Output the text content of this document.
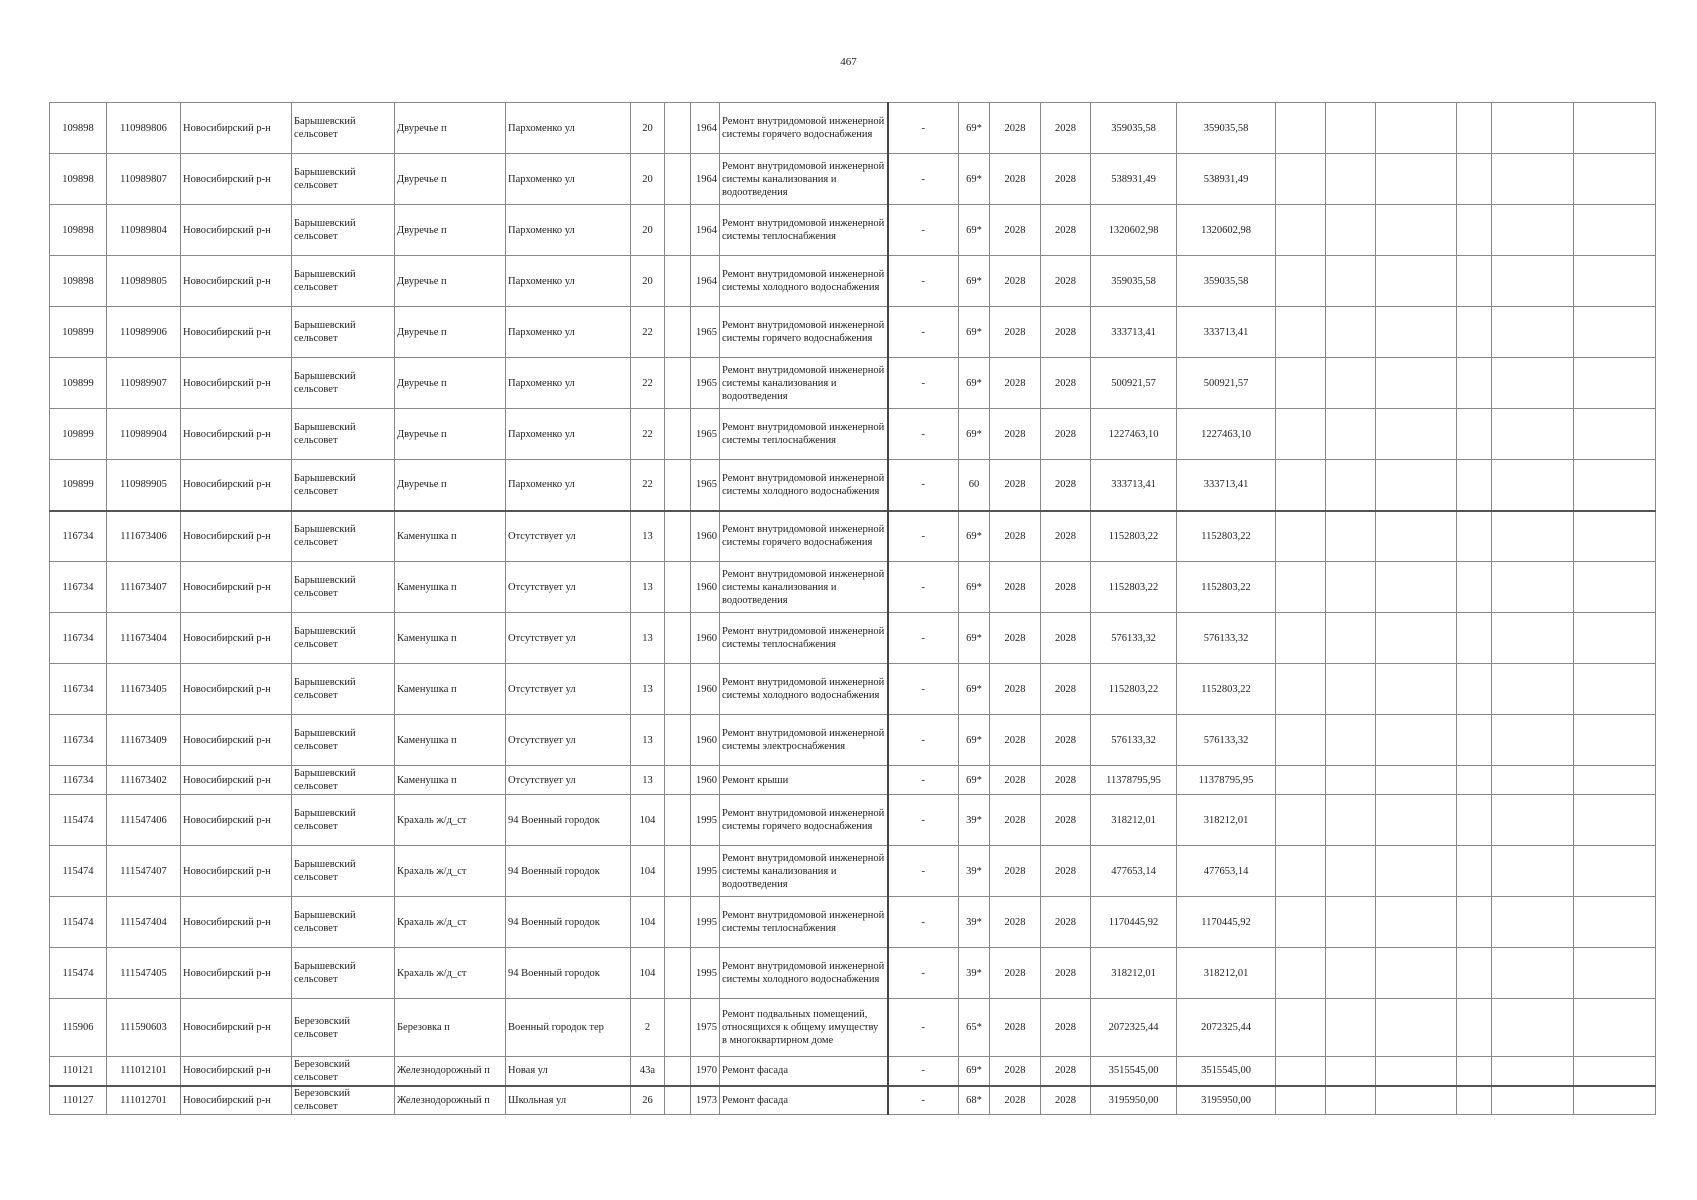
467
109898	110989806	Новосибирский р-н	Барышевский сельсовет	Двуречье п	Пархоменко ул	20		1964	Ремонт внутридомовой инженерной системы горячего водоснабжения	-	69*	2028	2028	359035,58	359035,58						
109898	110989807	Новосибирский р-н	Барышевский сельсовет	Двуречье п	Пархоменко ул	20		1964	Ремонт внутридомовой инженерной системы канализования и водоотведения	-	69*	2028	2028	538931,49	538931,49						
109898	110989804	Новосибирский р-н	Барышевский сельсовет	Двуречье п	Пархоменко ул	20		1964	Ремонт внутридомовой инженерной системы теплоснабжения	-	69*	2028	2028	1320602,98	1320602,98						
109898	110989805	Новосибирский р-н	Барышевский сельсовет	Двуречье п	Пархоменко ул	20		1964	Ремонт внутридомовой инженерной системы холодного водоснабжения	-	69*	2028	2028	359035,58	359035,58						
109899	110989906	Новосибирский р-н	Барышевский сельсовет	Двуречье п	Пархоменко ул	22		1965	Ремонт внутридомовой инженерной системы горячего водоснабжения	-	69*	2028	2028	333713,41	333713,41						
109899	110989907	Новосибирский р-н	Барышевский сельсовет	Двуречье п	Пархоменко ул	22		1965	Ремонт внутридомовой инженерной системы канализования и водоотведения	-	69*	2028	2028	500921,57	500921,57						
109899	110989904	Новосибирский р-н	Барышевский сельсовет	Двуречье п	Пархоменко ул	22		1965	Ремонт внутридомовой инженерной системы теплоснабжения	-	69*	2028	2028	1227463,10	1227463,10						
109899	110989905	Новосибирский р-н	Барышевский сельсовет	Двуречье п	Пархоменко ул	22		1965	Ремонт внутридомовой инженерной системы холодного водоснабжения	-	60	2028	2028	333713,41	333713,41						
116734	111673406	Новосибирский р-н	Барышевский сельсовет	Каменушка п	Отсутствует ул	13		1960	Ремонт внутридомовой инженерной системы горячего водоснабжения	-	69*	2028	2028	1152803,22	1152803,22						
116734	111673407	Новосибирский р-н	Барышевский сельсовет	Каменушка п	Отсутствует ул	13		1960	Ремонт внутридомовой инженерной системы канализования и водоотведения	-	69*	2028	2028	1152803,22	1152803,22						
116734	111673404	Новосибирский р-н	Барышевский сельсовет	Каменушка п	Отсутствует ул	13		1960	Ремонт внутридомовой инженерной системы теплоснабжения	-	69*	2028	2028	576133,32	576133,32						
116734	111673405	Новосибирский р-н	Барышевский сельсовет	Каменушка п	Отсутствует ул	13		1960	Ремонт внутридомовой инженерной системы холодного водоснабжения	-	69*	2028	2028	1152803,22	1152803,22						
116734	111673409	Новосибирский р-н	Барышевский сельсовет	Каменушка п	Отсутствует ул	13		1960	Ремонт внутридомовой инженерной системы электроснабжения	-	69*	2028	2028	576133,32	576133,32						
116734	111673402	Новосибирский р-н	Барышевский сельсовет	Каменушка п	Отсутствует ул	13		1960	Ремонт крыши	-	69*	2028	2028	11378795,95	11378795,95						
115474	111547406	Новосибирский р-н	Барышевский сельсовет	Крахаль ж/д_ст	94 Военный городок	104		1995	Ремонт внутридомовой инженерной системы горячего водоснабжения	-	39*	2028	2028	318212,01	318212,01						
115474	111547407	Новосибирский р-н	Барышевский сельсовет	Крахаль ж/д_ст	94 Военный городок	104		1995	Ремонт внутридомовой инженерной системы канализования и водоотведения	-	39*	2028	2028	477653,14	477653,14						
115474	111547404	Новосибирский р-н	Барышевский сельсовет	Крахаль ж/д_ст	94 Военный городок	104		1995	Ремонт внутридомовой инженерной системы теплоснабжения	-	39*	2028	2028	1170445,92	1170445,92						
115474	111547405	Новосибирский р-н	Барышевский сельсовет	Крахаль ж/д_ст	94 Военный городок	104		1995	Ремонт внутридомовой инженерной системы холодного водоснабжения	-	39*	2028	2028	318212,01	318212,01						
115906	111590603	Новосибирский р-н	Березовский сельсовет	Березовка п	Военный городок тер	2		1975	Ремонт подвальных помещений, относящихся к общему имуществу в многоквартирном доме	-	65*	2028	2028	2072325,44	2072325,44						
110121	111012101	Новосибирский р-н	Березовский сельсовет	Железнодорожный п	Новая ул	43а		1970	Ремонт фасада	-	69*	2028	2028	3515545,00	3515545,00						
110127	111012701	Новосибирский р-н	Березовский сельсовет	Железнодорожный п	Школьная ул	26		1973	Ремонт фасада	-	68*	2028	2028	3195950,00	3195950,00						
